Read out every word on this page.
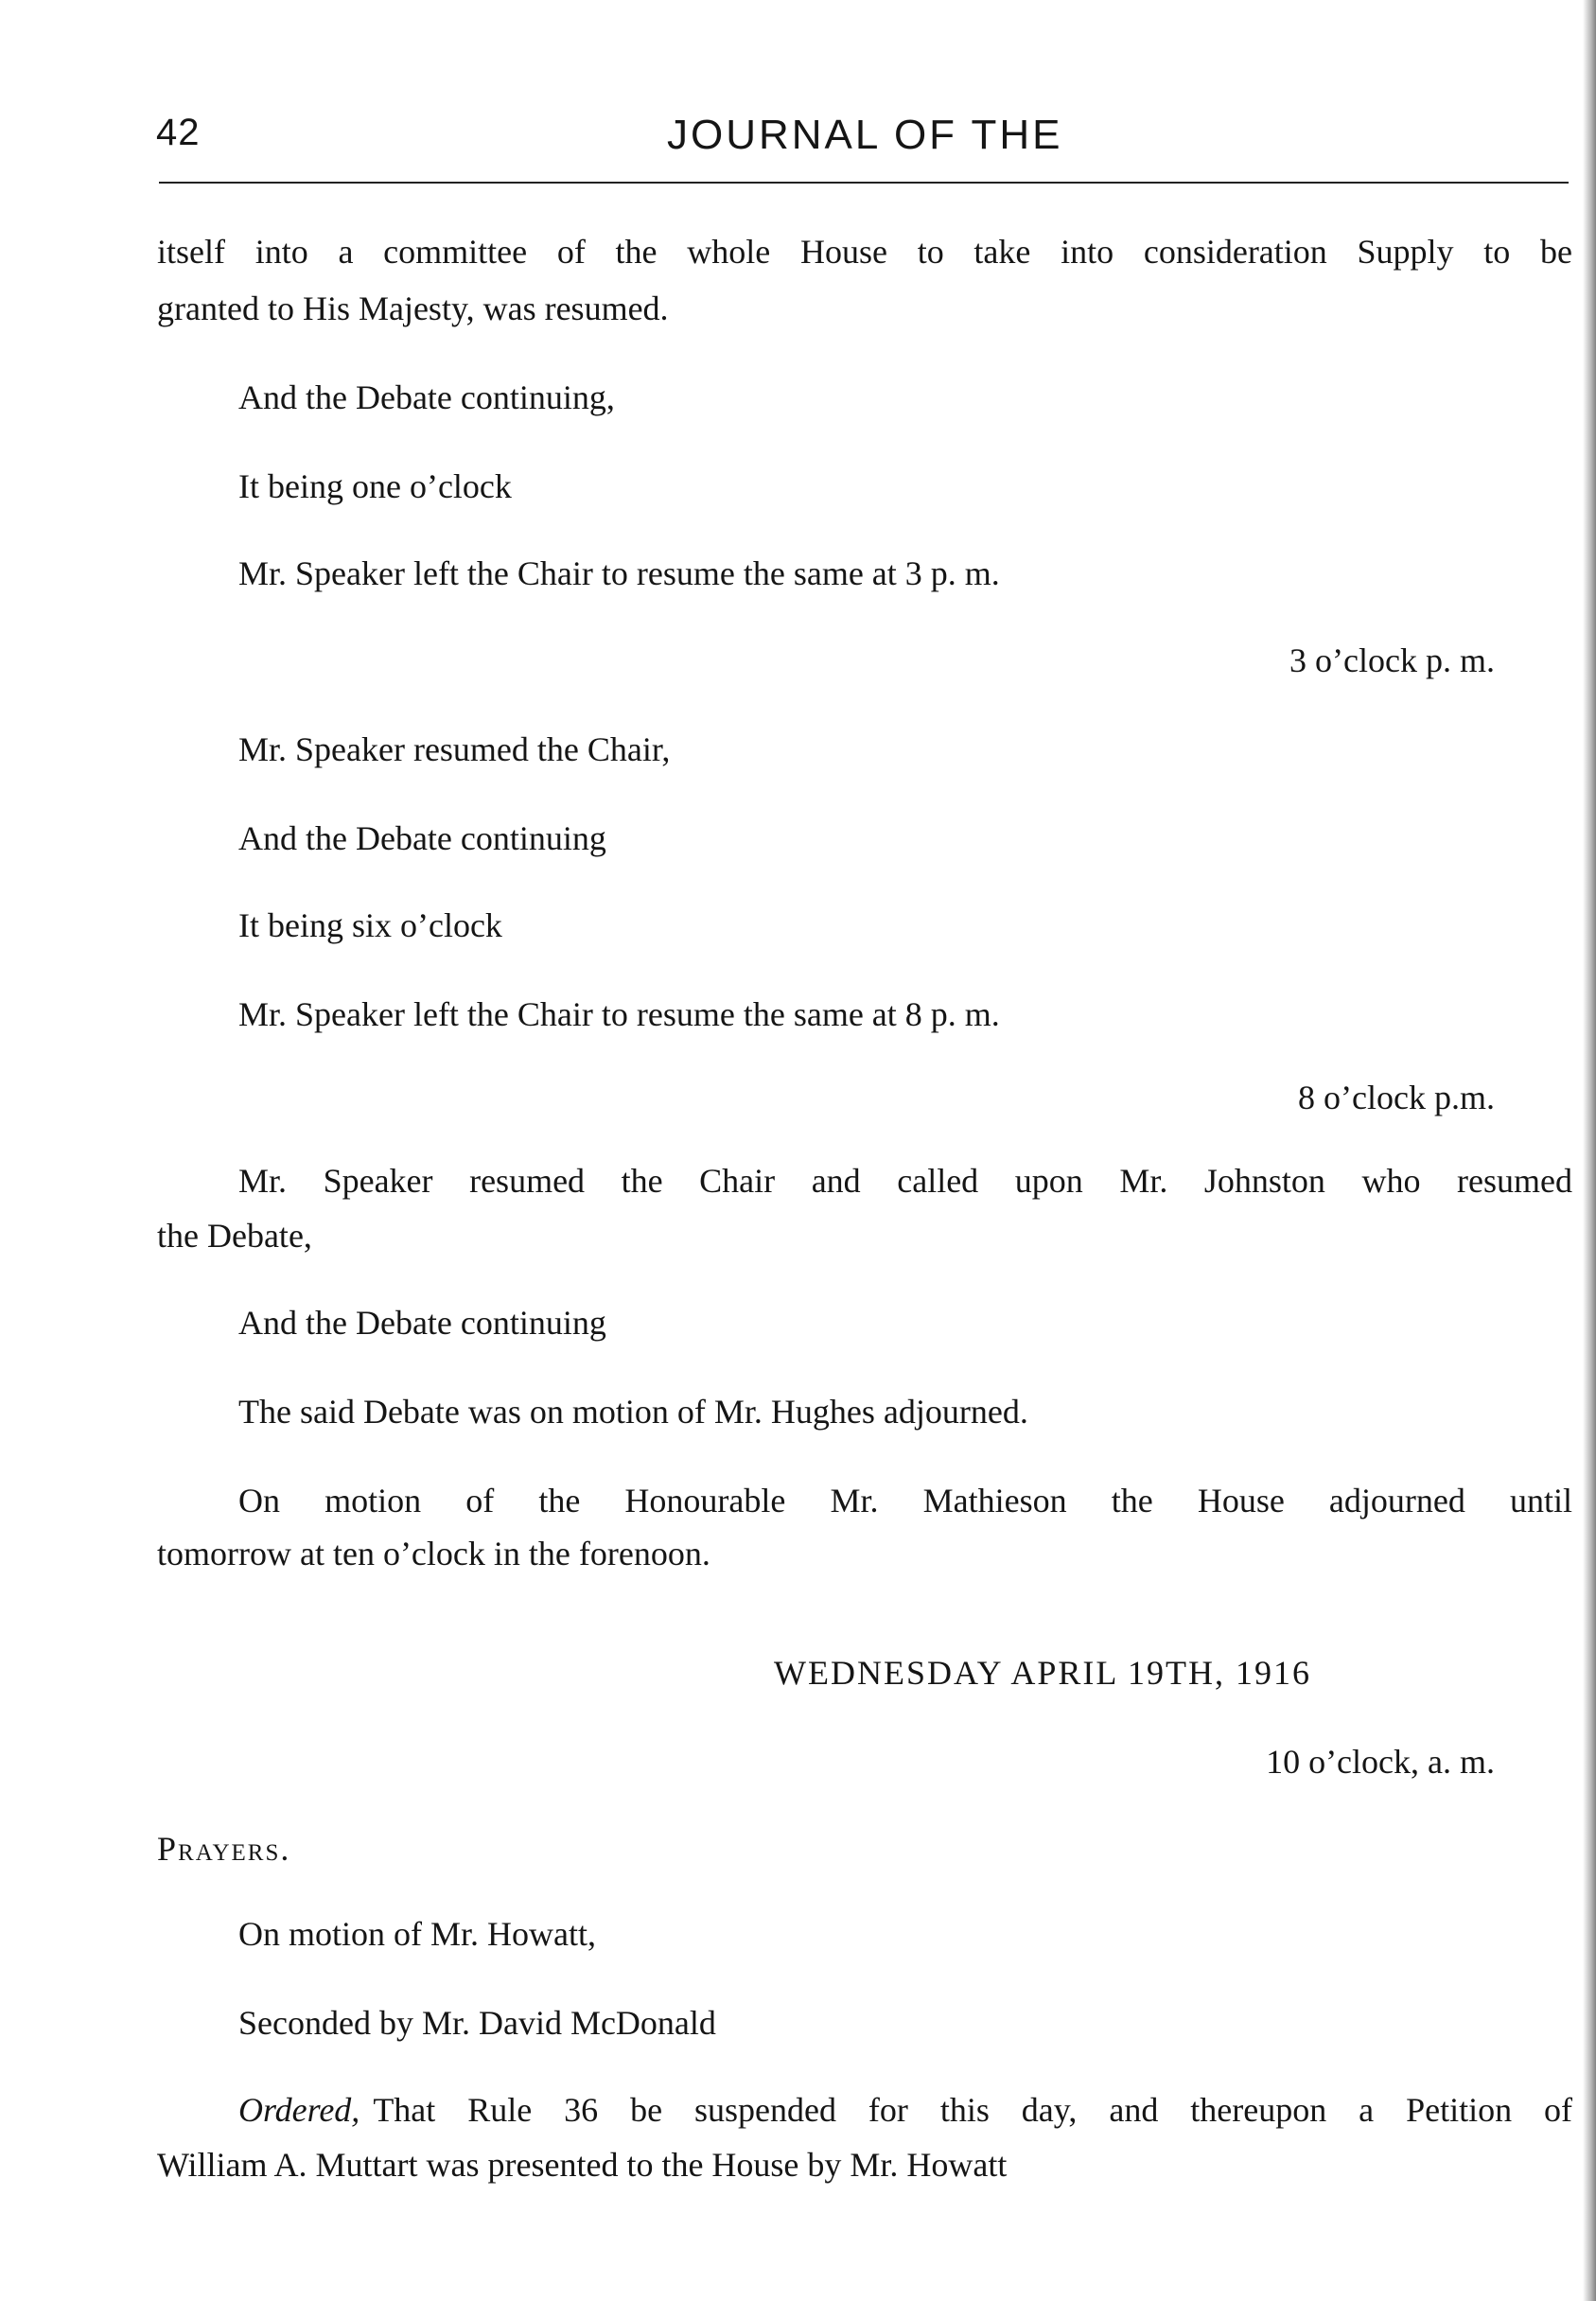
42	JOURNAL OF THE
itself into a committee of the whole House to take into consideration Supply to be
granted to His Majesty, was resumed.
And the Debate continuing,
It being one o’clock
Mr. Speaker left the Chair to resume the same at 3 p. m.
3 o’clock p. m.
Mr. Speaker resumed the Chair,
And the Debate continuing
It being six o’clock
Mr. Speaker left the Chair to resume the same at 8 p. m.
8 o’clock p.m.
Mr. Speaker resumed the Chair and called upon Mr. Johnston who resumed
the Debate,
And the Debate continuing
The said Debate was on motion of Mr. Hughes adjourned.
On motion of the Honourable Mr. Mathieson the House adjourned until
tomorrow at ten o’clock in the forenoon.
WEDNESDAY APRIL 19TH, 1916
10 o’clock, a. m.
Prayers.
On motion of Mr. Howatt,
Seconded by Mr. David McDonald
Ordered, That Rule 36 be suspended for this day, and thereupon a Petition of
William A. Muttart was presented to the House by Mr. Howatt
